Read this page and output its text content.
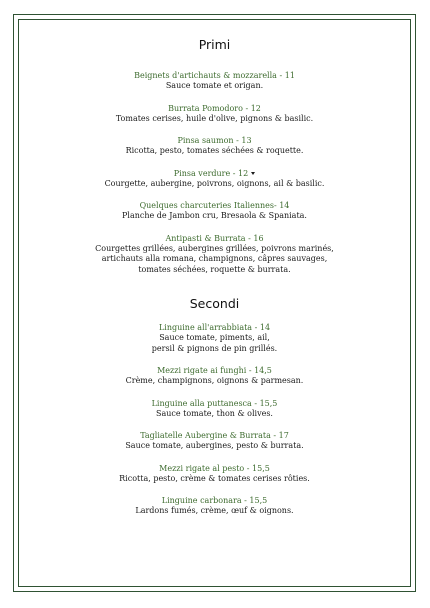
Primi

Beignets d'artichauts & mozzarella - 11

Sauce tomate et origan.

Burrata Pomodoro - 12

Tomates cerises, huile d'olive, pignons & basilic.

Pinsa saumon - 13

Ricotta, pesto, tomates séchées & roquette.

Pinsa verdure - 12

Courgette, aubergine, poivrons, oignons, ail & basilic.

Quelques charcuteries Italiennes- 14

Planche de Jambon cru, Bresaola & Spaniata.

Antipasti & Burrata - 16

Courgettes grillées, aubergines grillées, poivrons marinés,

artichauts alla romana, champignons, câpres sauvages,

tomates séchées, roquette & burrata.

Secondi

Linguine all'arrabbiata - 14

Sauce tomate, piments, ail,

persil & pignons de pin grillés.

Mezzi rigate ai funghi - 14,5

Crème, champignons, oignons & parmesan.

Linguine alla puttanesca - 15,5

Sauce tomate, thon & olives.

Tagliatelle Aubergine & Burrata - 17

Sauce tomate, aubergines, pesto & burrata.

Mezzi rigate al pesto - 15,5

Ricotta, pesto, crème & tomates cerises rôties.

Linguine carbonara - 15,5

Lardons fumés, crème, œuf & oignons.
